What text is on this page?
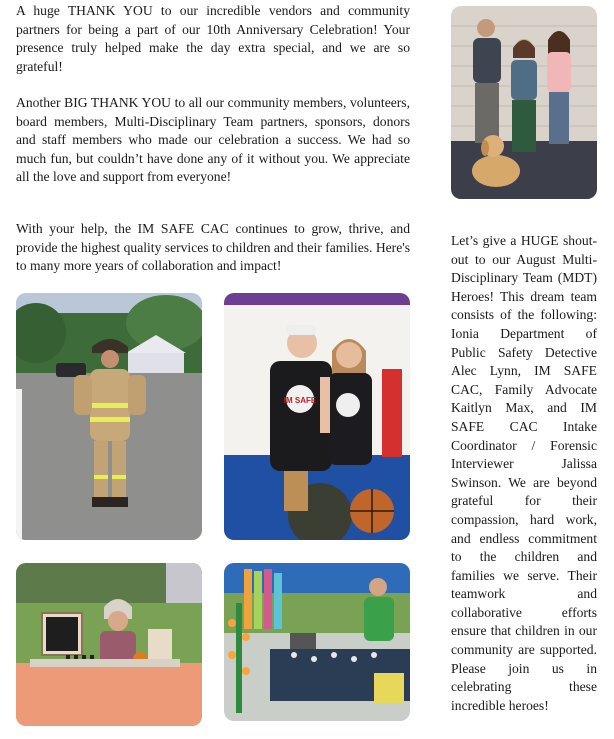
A huge THANK YOU to our incredible vendors and community partners for being a part of our 10th Anniversary Celebration! Your presence truly helped make the day extra special, and we are so grateful!

Another BIG THANK YOU to all our community members, volunteers, board members, Multi-Disciplinary Team partners, sponsors, donors and staff members who made our celebration a success. We had so much fun, but couldn’t have done any of it without you. We appreciate all the love and support from everyone!

With your help, the IM SAFE CAC continues to grow, thrive, and provide the highest quality services to children and their families. Here's to many more years of collaboration and impact!

Let’s give a HUGE shout-out to our August Multi-Disciplinary Team (MDT) Heroes! This dream team consists of the following: Ionia Department of Public Safety Detective Alec Lynn, IM SAFE CAC, Family Advocate Kaitlyn Max, and IM SAFE CAC Intake Coordinator / Forensic Interviewer Jalissa Swinson. We are beyond grateful for their compassion, hard work, and endless commitment to the children and families we serve. Their teamwork and collaborative efforts ensure that children in our community are supported. Please join us in celebrating these incredible heroes!

IM SAFE
